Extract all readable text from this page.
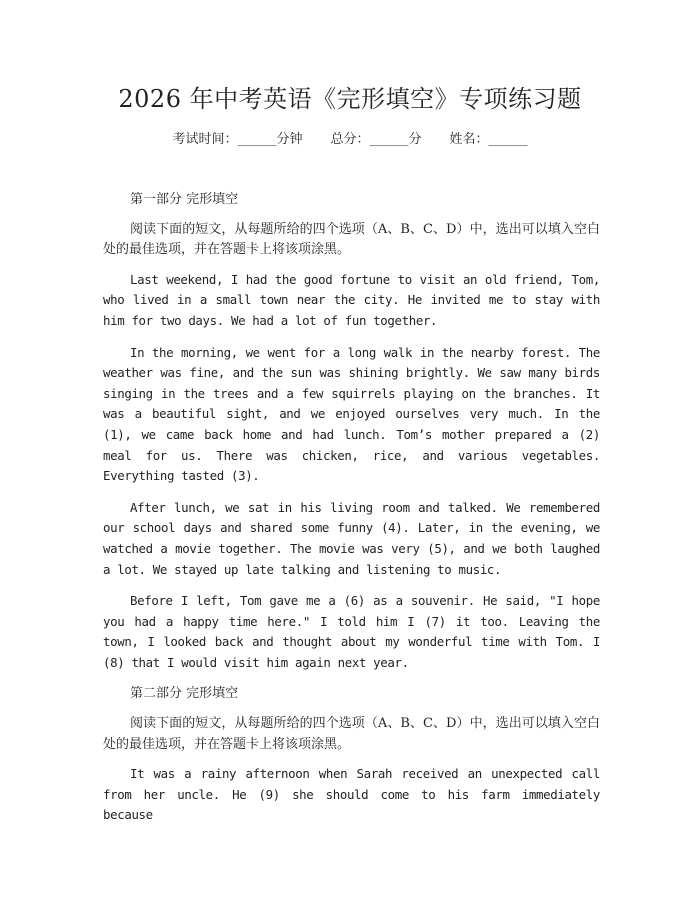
2026 年中考英语《完形填空》专项练习题
考试时间：______分钟 总分：______分 姓名：______
第一部分 完形填空

阅读下面的短文，从每题所给的四个选项（A、B、C、D）中，选出可以填入空白处的最佳选项，并在答题卡上将该项涂黑。

Last weekend, I had the good fortune to visit an old friend, Tom, who lived in a small town near the city. He invited me to stay with him for two days. We had a lot of fun together.

In the morning, we went for a long walk in the nearby forest. The weather was fine, and the sun was shining brightly. We saw many birds singing in the trees and a few squirrels playing on the branches. It was a beautiful sight, and we enjoyed ourselves very much. In the (1), we came back home and had lunch. Tom’s mother prepared a (2) meal for us. There was chicken, rice, and various vegetables. Everything tasted (3).

After lunch, we sat in his living room and talked. We remembered our school days and shared some funny (4). Later, in the evening, we watched a movie together. The movie was very (5), and we both laughed a lot. We stayed up late talking and listening to music.

Before I left, Tom gave me a (6) as a souvenir. He said, "I hope you had a happy time here." I told him I (7) it too. Leaving the town, I looked back and thought about my wonderful time with Tom. I (8) that I would visit him again next year.

第二部分 完形填空

阅读下面的短文，从每题所给的四个选项（A、B、C、D）中，选出可以填入空白处的最佳选项，并在答题卡上将该项涂黑。

It was a rainy afternoon when Sarah received an unexpected call from her uncle. He (9) she should come to his farm immediately because
